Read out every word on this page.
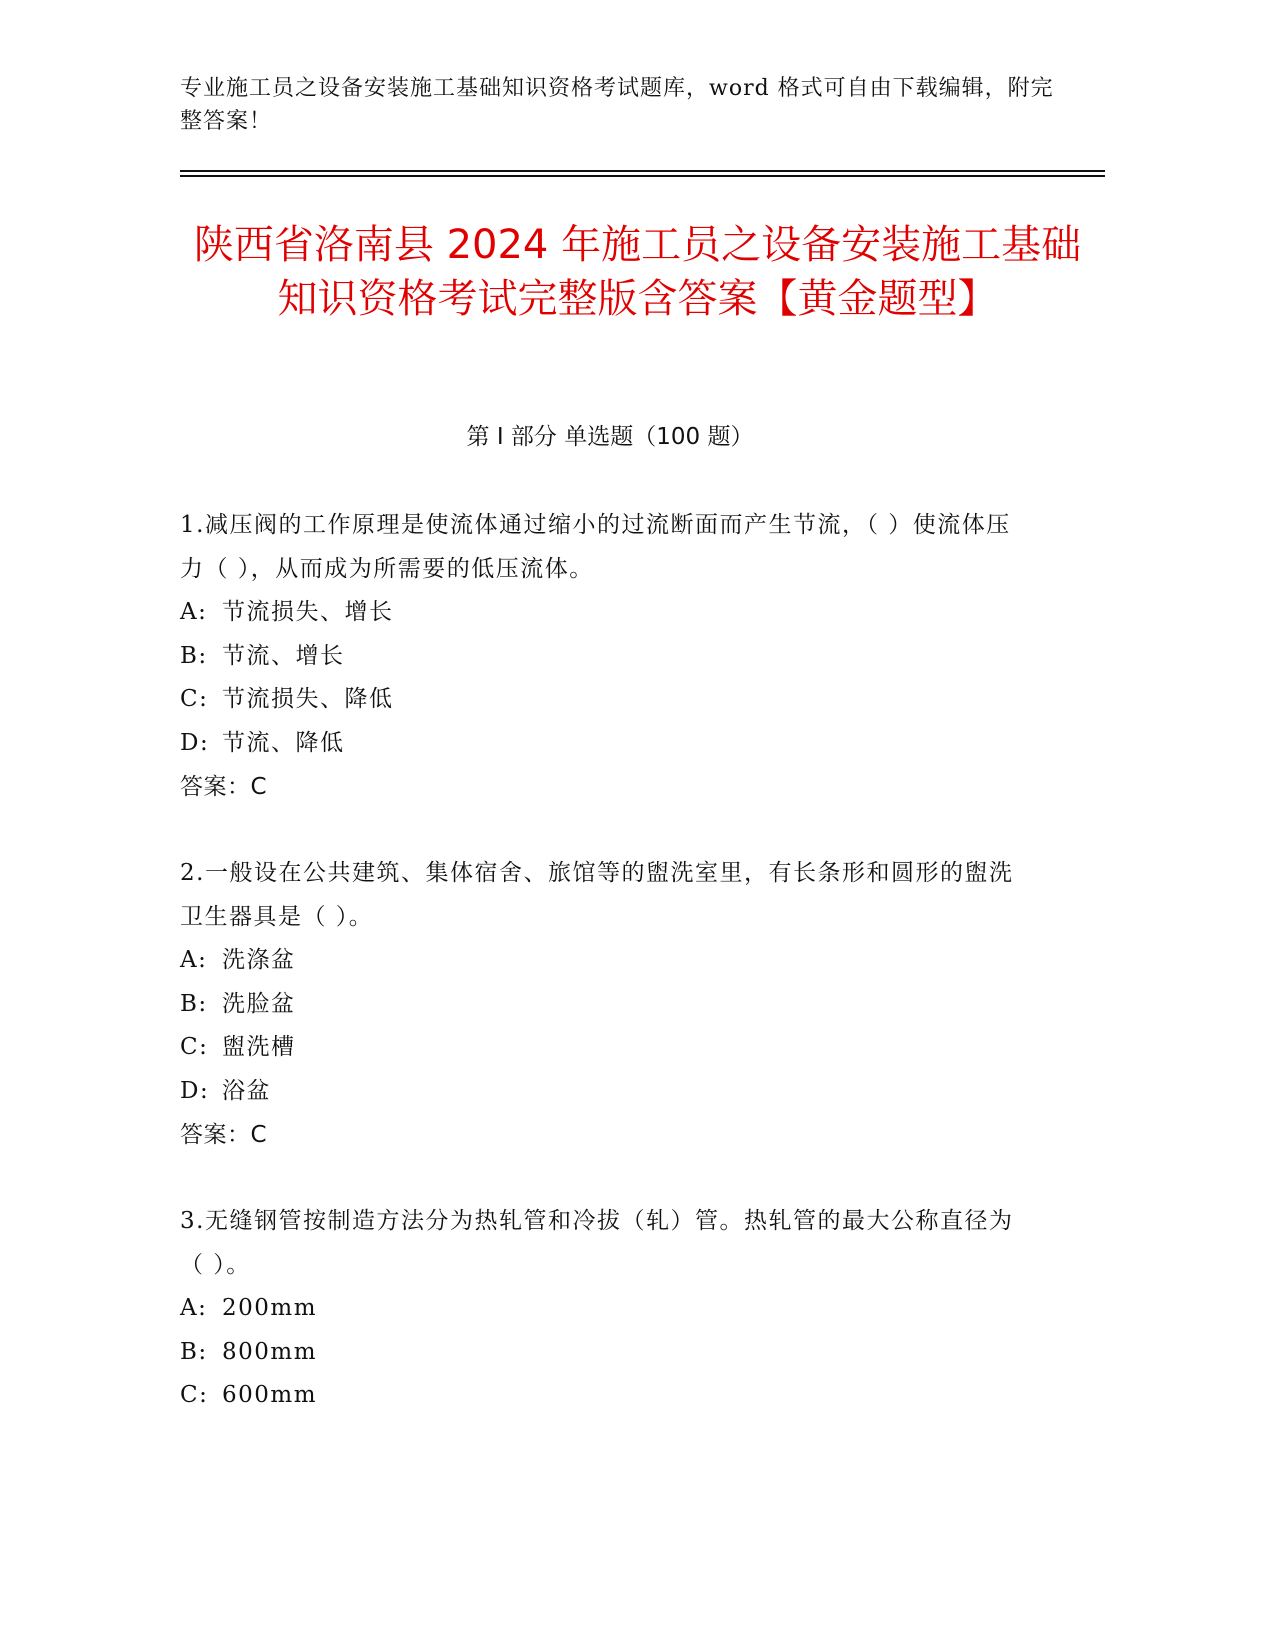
专业施工员之设备安装施工基础知识资格考试题库，word 格式可自由下载编辑，附完整答案！
陕西省洛南县 2024 年施工员之设备安装施工基础知识资格考试完整版含答案【黄金题型】
第 I 部分 单选题（100 题）
1.减压阀的工作原理是使流体通过缩小的过流断面而产生节流，（ ）使流体压力（ ），从而成为所需要的低压流体。
A: 节流损失、增长
B: 节流、增长
C: 节流损失、降低
D: 节流、降低
答案：C
2.一般设在公共建筑、集体宿舍、旅馆等的盥洗室里，有长条形和圆形的盥洗卫生器具是（ ）。
A: 洗涤盆
B: 洗脸盆
C: 盥洗槽
D: 浴盆
答案：C
3.无缝钢管按制造方法分为热轧管和冷拔（轧）管。热轧管的最大公称直径为（ ）。
A: 200mm
B: 800mm
C: 600mm
